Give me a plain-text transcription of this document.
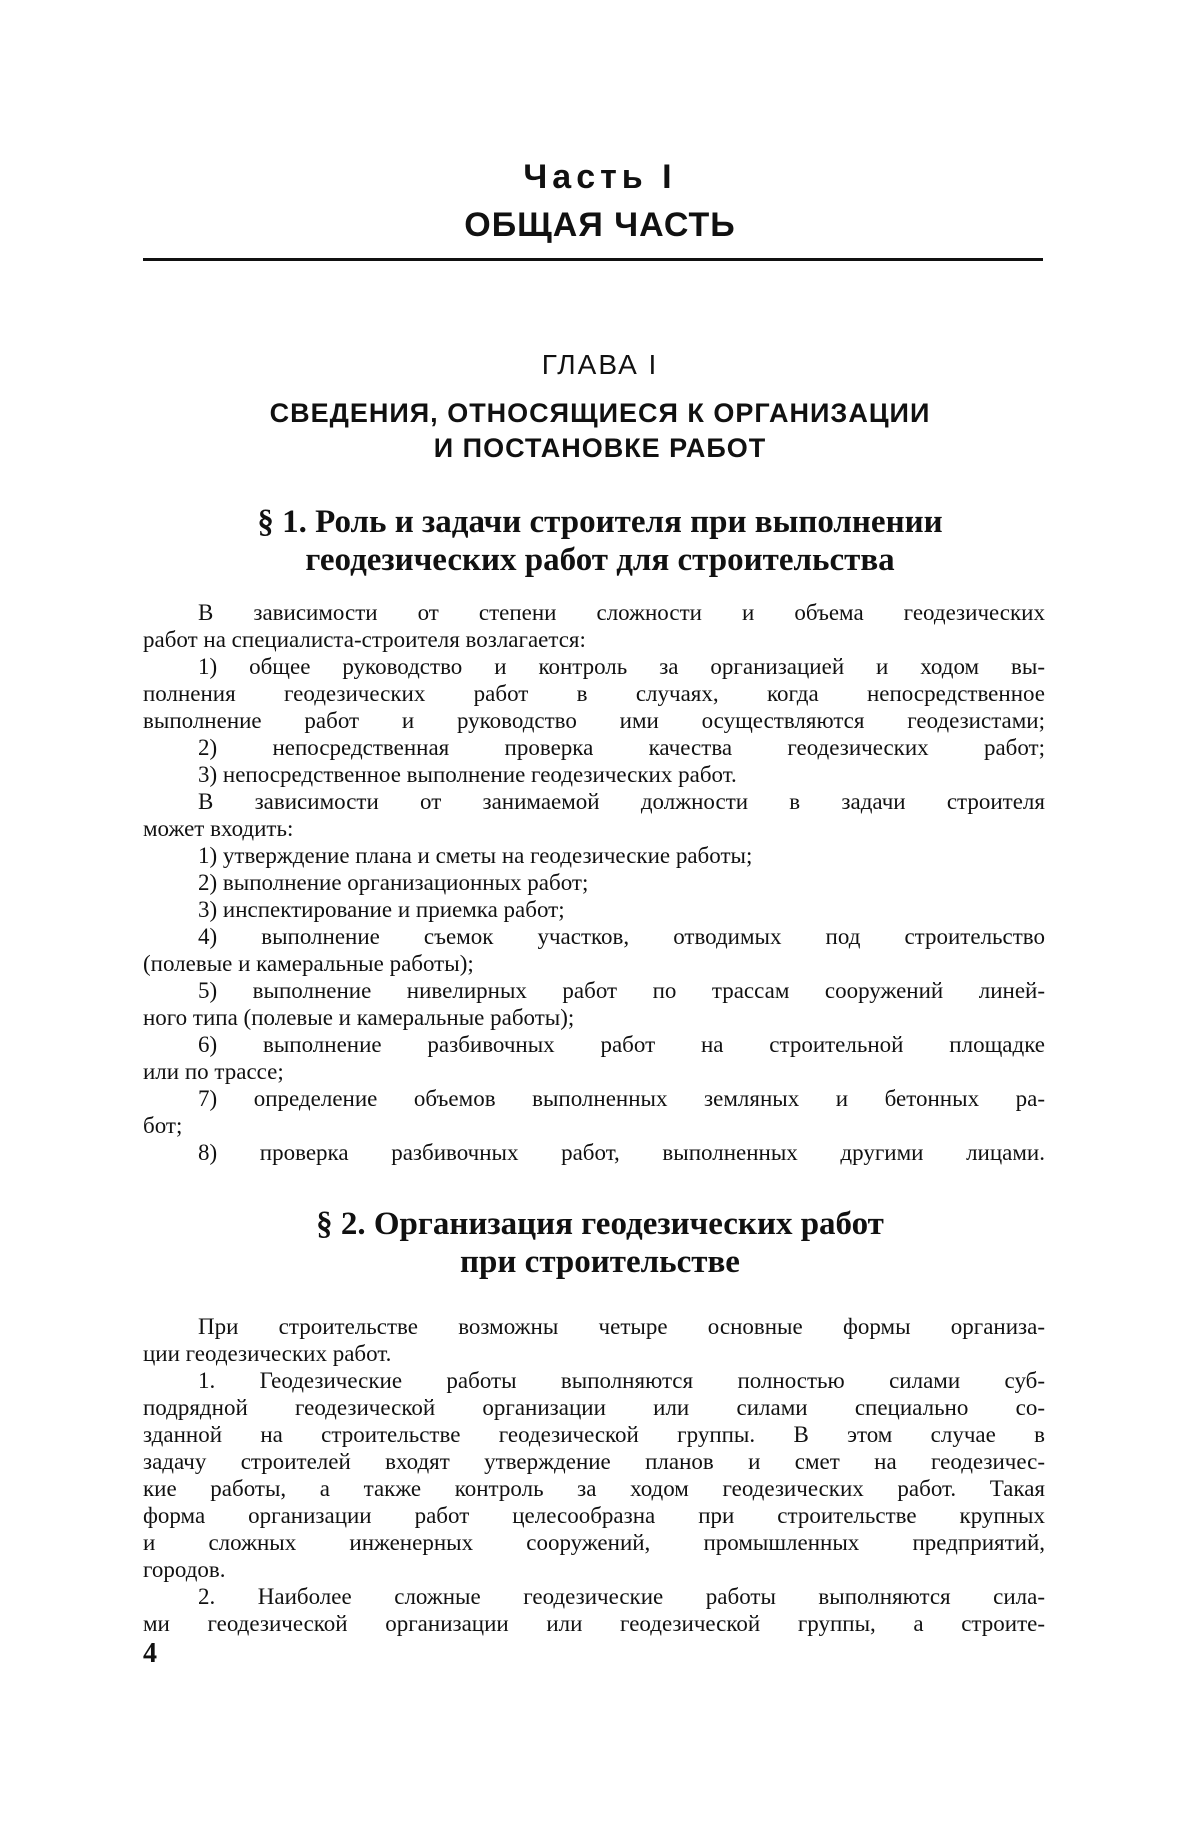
Часть I
ОБЩАЯ ЧАСТЬ
ГЛАВА I
СВЕДЕНИЯ, ОТНОСЯЩИЕСЯ К ОРГАНИЗАЦИИ
И ПОСТАНОВКЕ РАБОТ
§ 1. Роль и задачи строителя при выполнении
геодезических работ для строительства
В зависимости от степени сложности и объема геодезических
работ на специалиста-строителя возлагается:
1) общее руководство и контроль за организацией и ходом вы-
полнения геодезических работ в случаях, когда непосредственное
выполнение работ и руководство ими осуществляются геодезистами;
2) непосредственная проверка качества геодезических работ;
3) непосредственное выполнение геодезических работ.
В зависимости от занимаемой должности в задачи строителя
может входить:
1) утверждение плана и сметы на геодезические работы;
2) выполнение организационных работ;
3) инспектирование и приемка работ;
4) выполнение съемок участков, отводимых под строительство
(полевые и камеральные работы);
5) выполнение нивелирных работ по трассам сооружений линей-
ного типа (полевые и камеральные работы);
6) выполнение разбивочных работ на строительной площадке
или по трассе;
7) определение объемов выполненных земляных и бетонных ра-
бот;
8) проверка разбивочных работ, выполненных другими лицами.
§ 2. Организация геодезических работ
при строительстве
При строительстве возможны четыре основные формы организа-
ции геодезических работ.
1. Геодезические работы выполняются полностью силами суб-
подрядной геодезической организации или силами специально со-
зданной на строительстве геодезической группы. В этом случае в
задачу строителей входят утверждение планов и смет на геодезичес-
кие работы, а также контроль за ходом геодезических работ. Такая
форма организации работ целесообразна при строительстве крупных
и сложных инженерных сооружений, промышленных предприятий,
городов.
2. Наиболее сложные геодезические работы выполняются сила-
ми геодезической организации или геодезической группы, а строите-
4
